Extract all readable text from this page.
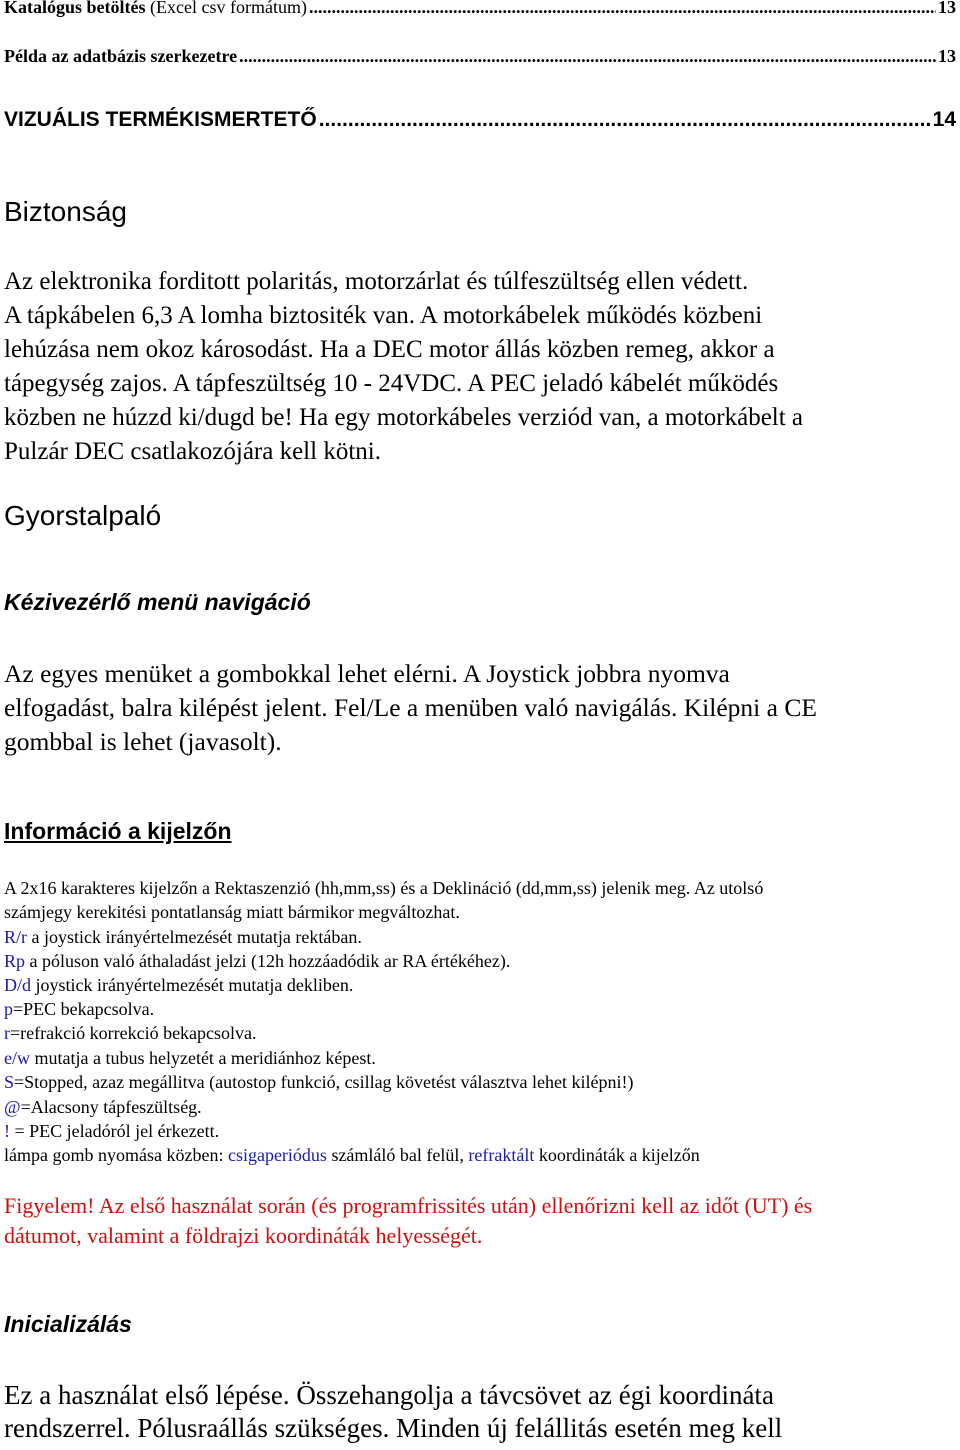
Katalógus betöltés (Excel csv formátum) .....	13
Példa az adatbázis szerkezetre .....	13
VIZUÁLIS TERMÉKISMERTETŐ .....	14
Biztonság
Az elektronika forditott polaritás, motorzárlat és túlfeszültség ellen védett.
A tápkábelen 6,3 A lomha biztositék van. A motorkábelek működés közbeni
lehúzása nem okoz károsodást. Ha a DEC motor állás közben remeg, akkor a
tápegység zajos. A tápfeszültség 10 - 24VDC. A PEC jeladó kábelét működés
közben ne húzzd ki/dugd be! Ha egy motorkábeles verziód van, a motorkábelt a
Pulzár DEC csatlakozójára kell kötni.
Gyorstalpaló
Kézivezérlő menü navigáció
Az egyes menüket a gombokkal lehet elérni. A Joystick jobbra nyomva
elfogadást, balra kilépést jelent. Fel/Le a menüben való navigálás. Kilépni a CE
gombbal is lehet (javasolt).
Információ a kijelzőn
A 2x16 karakteres kijelzőn a Rektaszenzió (hh,mm,ss) és a Deklináció (dd,mm,ss) jelenik meg. Az utolsó
számjegy kerekitési pontatlanság miatt bármikor megváltozhat.
R/r a joystick irányértelmezését mutatja rektában.
Rp a póluson való áthaladást jelzi (12h hozzáadódik ar RA értékéhez).
D/d joystick irányértelmezését mutatja dekliben.
p=PEC bekapcsolva.
r=refrakció korrekció bekapcsolva.
e/w mutatja a tubus helyzetét a meridiánhoz képest.
S=Stopped, azaz megállitva (autostop funkció, csillag követést választva lehet kilépni!)
@=Alacsony tápfeszültség.
! = PEC jeladóról jel érkezett.
lámpa gomb nyomása közben: csigaperiódus számláló bal felül, refraktált koordináták a kijelzőn
Figyelem! Az első használat során (és programfrissités után) ellenőrizni kell az időt (UT) és
dátumot, valamint a földrajzi koordináták helyességét.
Inicializálás
Ez a használat első lépése. Összehangolja a távcsövet az égi koordináta
rendszerrel. Pólusraállás szükséges. Minden új felállitás esetén meg kell
